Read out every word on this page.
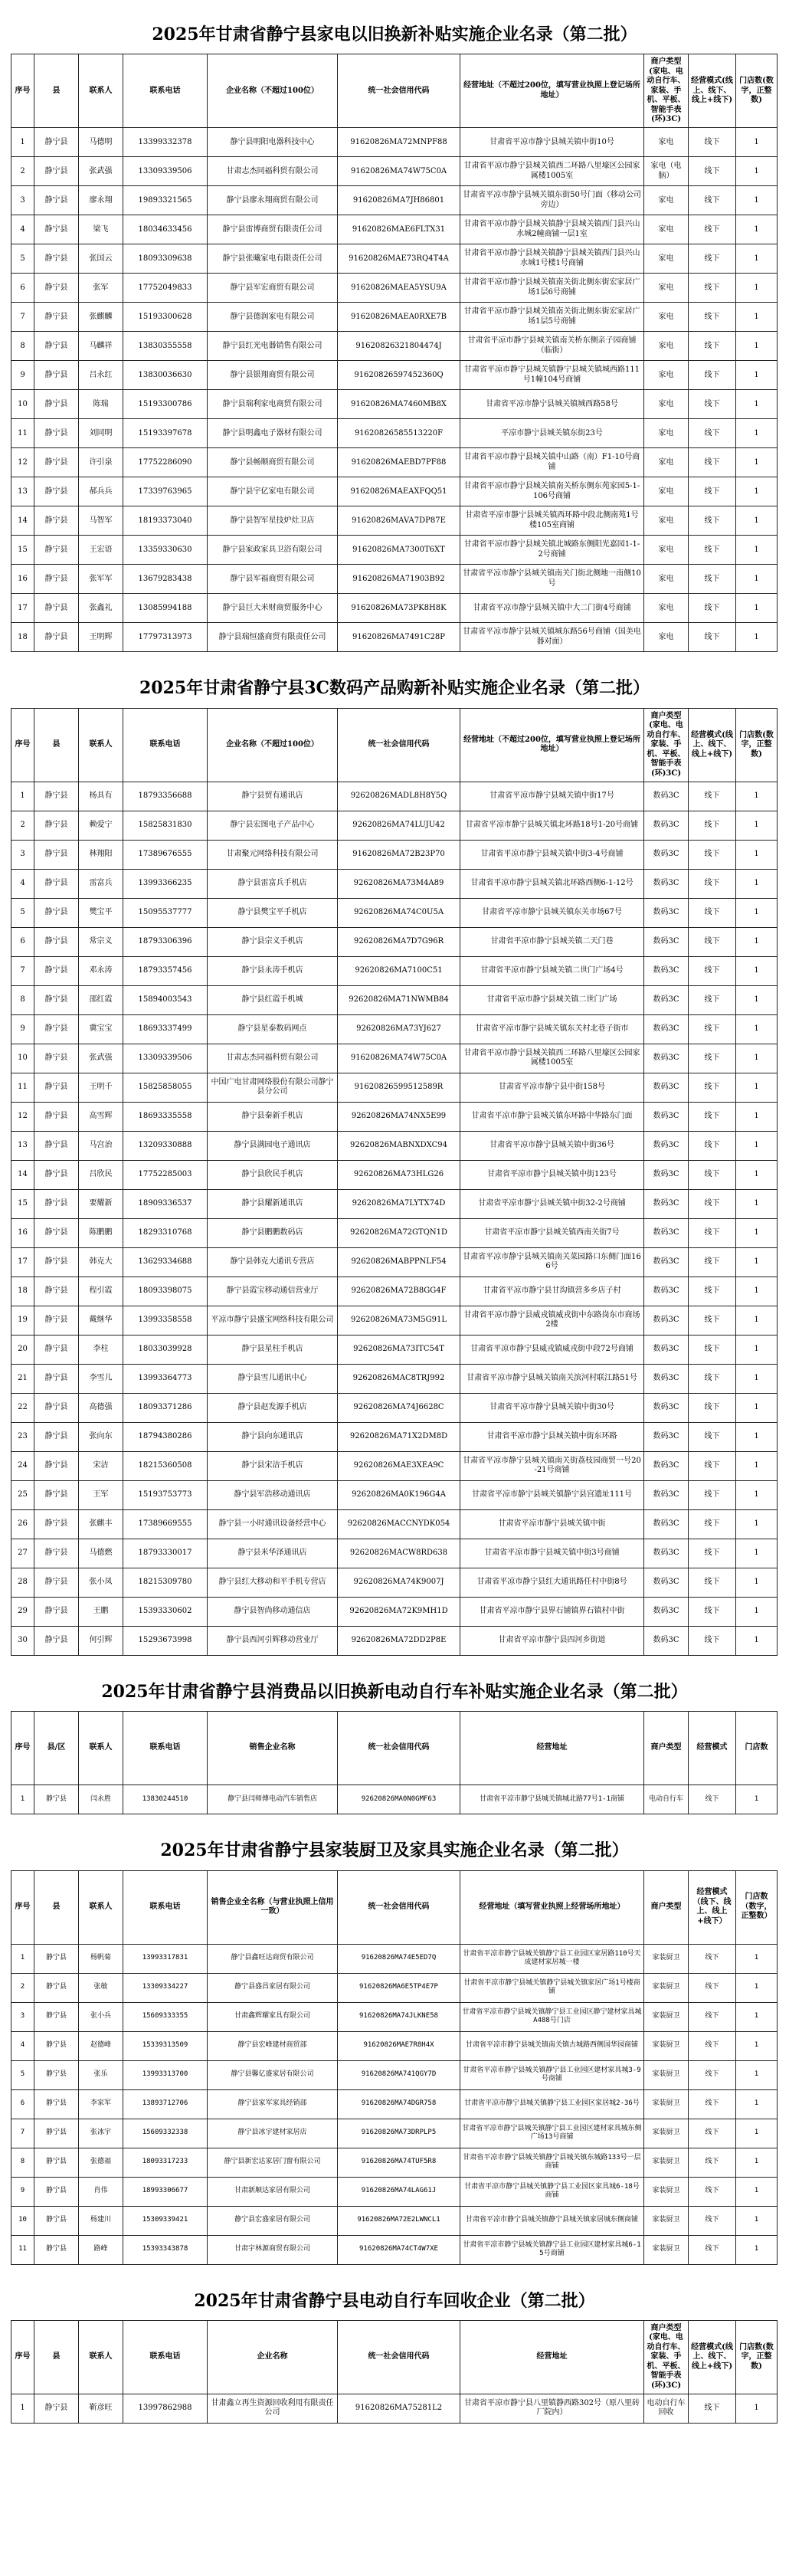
2025年甘肃省静宁县家电以旧换新补贴实施企业名录（第二批）
序号	县	联系人	联系电话	企业名称（不超过100位）	统一社会信用代码	经营地址（不超过200位，填写营业执照上登记场所地址）	商户类型(家电、电动自行车、家装、手机、平板、智能手表(环)3C)	经营模式(线上、线下、线上+线下)	门店数(数字，正整数)
1	静宁县	马德明	13399332378	静宁县明阳电器科技中心	91620826MA72MNPF88	甘肃省平凉市静宁县城关镇中街10号	家电	线下	1
2	静宁县	张武强	13309339506	甘肃志杰同福科贸有限公司	91620826MA74W75C0A	甘肃省平凉市静宁县城关镇西二环路八里壕区公园家属楼1005室	家电（电脑）	线下	1
3	静宁县	廖永翔	19893321565	静宁县廖永翔商贸有限公司	91620826MA7JH86801	甘肃省平凉市静宁县城关镇东街50号门面（移动公司旁边）	家电	线下	1
4	静宁县	梁飞	18034633456	静宁县雷博商贸有限责任公司	91620826MAE6FLTX31	甘肃省平凉市静宁县城关镇静宁县城关镇西门县兴山水城2幢商铺一层1室	家电	线下	1
5	静宁县	张国云	18093309638	静宁县张曦家电有限责任公司	91620826MAE73RQ4T4A	甘肃省平凉市静宁县城关镇静宁县城关镇西门县兴山水城1号楼1号商铺	家电	线下	1
6	静宁县	张军	17752049833	静宁县军宏商贸有限公司	91620826MAEA5YSU9A	甘肃省平凉市静宁县城关镇南关街北侧东街宏家居广场1层6号商铺	家电	线下	1
7	静宁县	张麒麟	15193300628	静宁县德润家电有限公司	91620826MAEA0RXE7B	甘肃省平凉市静宁县城关镇南关街北侧东街宏家居广场1层5号商铺	家电	线下	1
8	静宁县	马麟祥	13830355558	静宁县红光电器销售有限公司	91620826321804474J	甘肃省平凉市静宁县城关镇南关桥东侧亲子园商铺（临街）	家电	线下	1
9	静宁县	吕永红	13830036630	静宁县银翔商贸有限公司	91620826597452360Q	甘肃省平凉市静宁县城关镇静宁县城关镇城西路111号1幢104号商铺	家电	线下	1
10	静宁县	陈瑞	15193300786	静宁县瑞利家电商贸有限公司	91620826MA7460MB8X	甘肃省平凉市静宁县城关镇城西路58号	家电	线下	1
11	静宁县	刘同明	15193397678	静宁县明鑫电子器材有限公司	91620826585513220F	平凉市静宁县城关镇东街23号	家电	线下	1
12	静宁县	许引泉	17752286090	静宁县畅顺商贸有限公司	91620826MAEBD7PF88	甘肃省平凉市静宁县城关镇中山路（南）F1-10号商铺	家电	线下	1
13	静宁县	郝兵兵	17339763965	静宁县宇亿家电有限公司	91620826MAEAXFQQ51	甘肃省平凉市静宁县城关镇南关桥东侧东苑家园5-1-106号商铺	家电	线下	1
14	静宁县	马智军	18193373040	静宁县智军星技炉灶卫店	91620826MAVA7DP87E	甘肃省平凉市静宁县城关镇西环路中段北侧南苑1号楼105室商铺	家电	线下	1
15	静宁县	王宏语	13359330630	静宁县家政家具卫浴有限公司	91620826MA7300T6XT	甘肃省平凉市静宁县城关镇北城路东侧阳光嘉园1-1-2号商铺	家电	线下	1
16	静宁县	张军军	13679283438	静宁县军福商贸有限公司	91620826MA71903B92	甘肃省平凉市静宁县城关镇南关门街北侧地一南侧10号	家电	线下	1
17	静宁县	张鑫礼	13085994188	静宁县巨大米财商贸服务中心	91620826MA73PK8H8K	甘肃省平凉市静宁县城关镇中大二门街4号商铺	家电	线下	1
18	静宁县	王明辉	17797313973	静宁县瑞恒盛商贸有限责任公司	91620826MA7491C28P	甘肃省平凉市静宁县城关镇城东路56号商铺（国美电器对面）	家电	线下	1
2025年甘肃省静宁县3C数码产品购新补贴实施企业名录（第二批）
序号	县	联系人	联系电话	企业名称（不超过100位）	统一社会信用代码	经营地址（不超过200位，填写营业执照上登记场所地址）	商户类型(家电、电动自行车、家装、手机、平板、智能手表(环)3C)	经营模式(线上、线下、线上+线下)	门店数(数字，正整数)
1	静宁县	杨具有	18793356688	静宁县贸有通讯店	92620826MADL8H8Y5Q	甘肃省平凉市静宁县城关镇中街17号	数码3C	线下	1
2	静宁县	赖爱宁	15825831830	静宁县宏图电子产品中心	92620826MA74LUJU42	甘肃省平凉市静宁县城关镇北环路18号1-20号商铺	数码3C	线下	1
3	静宁县	林翔阳	17389676555	甘肃聚元网络科技有限公司	91620826MA72B23P70	甘肃省平凉市静宁县城关镇中街3-4号商铺	数码3C	线下	1
4	静宁县	雷富兵	13993366235	静宁县雷富兵手机店	92620826MA73M4A89	甘肃省平凉市静宁县城关镇北环路西侧6-1-12号	数码3C	线下	1
5	静宁县	樊宝平	15095537777	静宁县樊宝平手机店	92620826MA74C0U5A	甘肃省平凉市静宁县城关镇东关市场67号	数码3C	线下	1
6	静宁县	常宗义	18793306396	静宁县宗义手机店	92620826MA7D7G96R	甘肃省平凉市静宁县城关镇二天门巷	数码3C	线下	1
7	静宁县	邓永涛	18793357456	静宁县永涛手机店	92620826MA7100C51	甘肃省平凉市静宁县城关镇二世门广场4号	数码3C	线下	1
8	静宁县	邵红霞	15894003543	静宁县红霞手机城	92620826MA71NWMB84	甘肃省平凉市静宁县城关镇二世门广场	数码3C	线下	1
9	静宁县	冀宝宝	18693337499	静宁县星泰数码网点	92620826MA73YJ627	甘肃省平凉市静宁县城关镇东关村北巷子街市	数码3C	线下	1
10	静宁县	张武强	13309339506	甘肃志杰同福科贸有限公司	91620826MA74W75C0A	甘肃省平凉市静宁县城关镇西二环路八里壕区公园家属楼1005室	数码3C	线下	1
11	静宁县	王明千	15825858055	中国广电甘肃网络股份有限公司静宁县分公司	91620826599512589R	甘肃省平凉市静宁县中街158号	数码3C	线下	1
12	静宁县	高雪辉	18693335558	静宁县秦新手机店	92620826MA74NX5E99	甘肃省平凉市静宁县城关镇东环路中华路东门面	数码3C	线下	1
13	静宁县	马宫治	13209330888	静宁县满园电子通讯店	92620826MABNXDXC94	甘肃省平凉市静宁县城关镇中街36号	数码3C	线下	1
14	静宁县	吕欣民	17752285003	静宁县欣民手机店	92620826MA73HLG26	甘肃省平凉市静宁县城关镇中街123号	数码3C	线下	1
15	静宁县	要耀新	18909336537	静宁县耀新通讯店	92620826MA7LYTX74D	甘肃省平凉市静宁县城关镇中街32-2号商铺	数码3C	线下	1
16	静宁县	陈鹏鹏	18293310768	静宁县鹏鹏数码店	92620826MA72GTQN1D	甘肃省平凉市静宁县城关镇西南关街7号	数码3C	线下	1
17	静宁县	韩克大	13629334688	静宁县韩克大通讯专营店	92620826MABPPNLF54	甘肃省平凉市静宁县城关镇南关菜园路口东侧门面166号	数码3C	线下	1
18	静宁县	程引霞	18093398075	静宁县霞宝移动通信营业厅	92620826MA72B8GG4F	甘肃省平凉市静宁县甘沟镇营多乡店子村	数码3C	线下	1
19	静宁县	戴继华	13993358558	平凉市静宁县盛宝网络科技有限公司	92620826MA73M5G91L	甘肃省平凉市静宁县威戎镇威戎街中东路岗东市商场2楼	数码3C	线下	1
20	静宁县	李柱	18033039928	静宁县星柱手机店	92620826MA73ITC54T	甘肃省平凉市静宁县威戎镇威戎街中段72号商铺	数码3C	线下	1
21	静宁县	李雪儿	13993364773	静宁县雪儿通讯中心	92620826MAC8TRJ992	甘肃省平凉市静宁县城关镇南关滨河村联江路51号	数码3C	线下	1
22	静宁县	高德强	18093371286	静宁县赵发源手机店	92620826MA74J6628C	甘肃省平凉市静宁县城关镇中街30号	数码3C	线下	1
23	静宁县	张向东	18794380286	静宁县向东通讯店	92620826MA71X2DM8D	甘肃省平凉市静宁县城关镇中街东环路	数码3C	线下	1
24	静宁县	宋洁	18215360508	静宁县宋洁手机店	92620826MAE3XEA9C	甘肃省平凉市静宁县城关镇南关街荔枝园商贸一号20-21号商铺	数码3C	线下	1
25	静宁县	王军	15193753773	静宁县军浩移动通讯店	92620826MA0K196G4A	甘肃省平凉市静宁县城关镇静宁县宫遗址111号	数码3C	线下	1
26	静宁县	张麒丰	17389669555	静宁县一小时通讯设备经营中心	92620826MACCNYDK054	甘肃省平凉市静宁县城关镇中街	数码3C	线下	1
27	静宁县	马德燃	18793330017	静宁县米华泽通讯店	92620826MACW8RD638	甘肃省平凉市静宁县城关镇中街3号商铺	数码3C	线下	1
28	静宁县	张小凤	18215309780	静宁县红大移动和平手机专营店	92620826MA74K9007J	甘肃省平凉市静宁县红大通讯路任村中街8号	数码3C	线下	1
29	静宁县	王鹏	15393330602	静宁县智尚移动通信店	92620826MA72K9MH1D	甘肃省平凉市静宁县界石铺镇界石镇村中街	数码3C	线下	1
30	静宁县	何引辉	15293673998	静宁县西河引辉移动营业厅	92620826MA72DD2P8E	甘肃省平凉市静宁县四河乡街道	数码3C	线下	1
2025年甘肃省静宁县消费品以旧换新电动自行车补贴实施企业名录（第二批）
序号	县/区	联系人	联系电话	销售企业名称	统一社会信用代码	经营地址	商户类型	经营模式	门店数
1	静宁县	闫永胜	13830244510	静宁县闫师傅电动汽车销售店	92620826MA0N0GMF63	甘肃省平凉市静宁县城关镇城北路77号1-1商铺	电动自行车	线下	1
2025年甘肃省静宁县家装厨卫及家具实施企业名录（第二批）
序号	县	联系人	联系电话	销售企业全名称（与营业执照上信用一致）	统一社会信用代码	经营地址（填写营业执照上经营场所地址）	商户类型	经营模式（线下、线上、线上+线下）	门店数（数字，正整数）
1	静宁县	杨帆菊	13993317831	静宁县鑫旺达商贸有限公司	91620826MA74E5ED7Q	甘肃省平凉市静宁县城关镇静宁县工业园区家居路110号天成建材家居城一楼	家装厨卫	线下	1
2	静宁县	张敏	13309334227	静宁县盛昌家居有限公司	91620826MA6E5TP4E7P	甘肃省平凉市静宁县城关镇静宁县城关镇家居广场1号楼商铺	家装厨卫	线下	1
3	静宁县	张小兵	15609333355	甘肃鑫辉耀家具有限公司	91620826MA74JLKNE58	甘肃省平凉市静宁县城关镇静宁县工业园区静宁建材家具城A488号门店	家装厨卫	线下	1
4	静宁县	赵德峰	15339313509	静宁县宏峰建材商贸部	91620826MAE7R8H4X	甘肃省平凉市静宁县城关镇南关镇古城路西侧国华园商铺	家装厨卫	线下	1
5	静宁县	张乐	13993313700	静宁县馨亿盛家居有限公司	91620826MA741QGY7D	甘肃省平凉市静宁县城关镇静宁县工业园区建材家具城3-9号商铺	家装厨卫	线下	1
6	静宁县	李家军	13893712706	静宁县家军家具经销部	91620826MA74DGR758	甘肃省平凉市静宁县城关镇静宁县工业园区家居城2-36号	家装厨卫	线下	1
7	静宁县	张冰宇	15609332338	静宁县冰宇建材家居店	91620826MA73DRPLP5	甘肃省平凉市静宁县城关镇静宁县工业园区建材家具城东侧广场13号商铺	家装厨卫	线下	1
8	静宁县	张德福	18093317233	静宁县新宏达家居门窗有限公司	91620826MA74TUF5R8	甘肃省平凉市静宁县城关镇静宁县城关镇东城路133号一层商铺	家装厨卫	线下	1
9	静宁县	肖伟	18993306677	甘肃新顺达家居有限公司	91620826MA74LAG61J	甘肃省平凉市静宁县城关镇静宁县工业园区家具城6-18号商铺	家装厨卫	线下	1
10	静宁县	杨建川	15309339421	静宁县宏盛家居有限公司	91620826MA72E2LWNCL1	甘肃省平凉市静宁县城关镇静宁县城关镇家居城东侧商铺	家装厨卫	线下	1
11	静宁县	路峰	15393343878	甘肃宇林源商贸有限公司	91620826MA74CT4W7XE	甘肃省平凉市静宁县城关镇静宁县工业园区建材家具城6-15号商铺	家装厨卫	线下	1
2025年甘肃省静宁县电动自行车回收企业（第二批）
序号	县	联系人	联系电话	企业名称	统一社会信用代码	经营地址	商户类型(家电、电动自行车、家装、手机、平板、智能手表(环)3C)	经营模式(线上、线下、线上+线下)	门店数(数字，正整数)
1	静宁县	靳彦旺	13997862988	甘肃鑫立再生资源回收利用有限责任公司	91620826MA75281L2	甘肃省平凉市静宁县八里镇静西路302号（原八里砖厂院内）	电动自行车回收	线下	1
